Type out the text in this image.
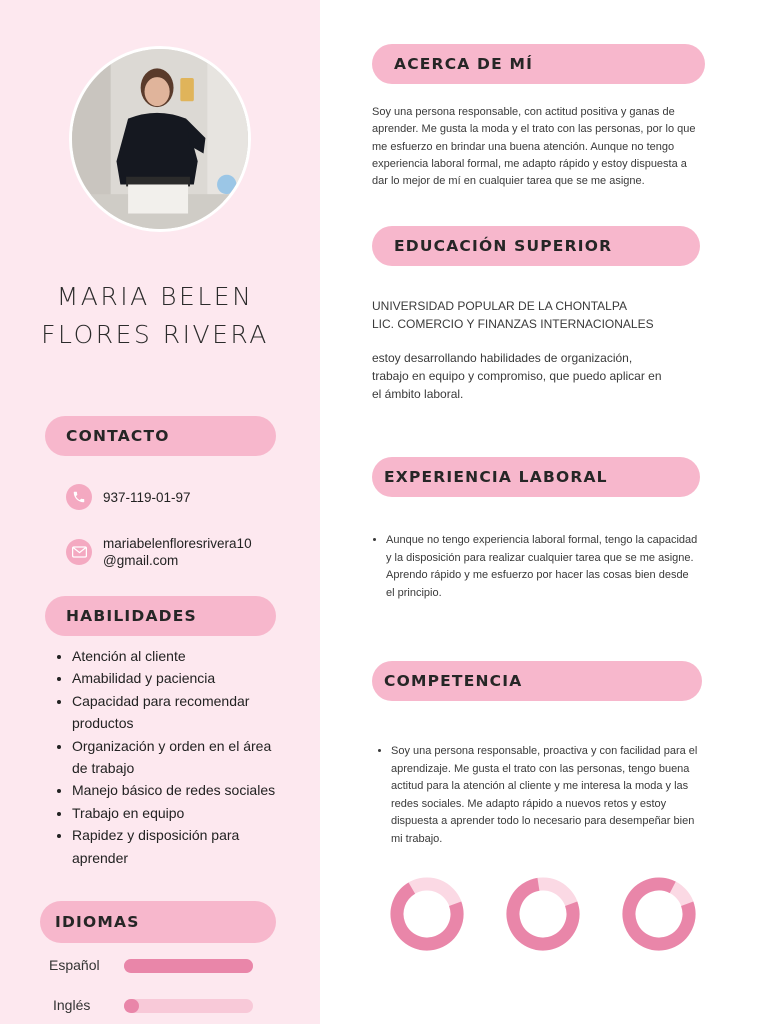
MARIA BELEN
FLORES RIVERA
CONTACTO
937-119-01-97
mariabelenfloresrivera10
@gmail.com
HABILIDADES
• Atención al cliente
• Amabilidad y paciencia
• Capacidad para recomendar productos
• Organización y orden en el área de trabajo
• Manejo básico de redes sociales
• Trabajo en equipo
• Rapidez y disposición para aprender
IDIOMAS
Español
Inglés
ACERCA DE MÍ

Soy una persona responsable, con actitud positiva y ganas de aprender. Me gusta la moda y el trato con las personas, por lo que me esfuerzo en brindar una buena atención. Aunque no tengo experiencia laboral formal, me adapto rápido y estoy dispuesta a dar lo mejor de mí en cualquier tarea que se me asigne.

EDUCACIÓN SUPERIOR
UNIVERSIDAD POPULAR DE LA CHONTALPA
LIC. COMERCIO Y FINANZAS INTERNACIONALES

estoy desarrollando habilidades de organización, trabajo en equipo y compromiso, que puedo aplicar en el ámbito laboral.

EXPERIENCIA LABORAL
• Aunque no tengo experiencia laboral formal, tengo la capacidad y la disposición para realizar cualquier tarea que se me asigne. Aprendo rápido y me esfuerzo por hacer las cosas bien desde el principio.
COMPETENCIA
• Soy una persona responsable, proactiva y con facilidad para el aprendizaje. Me gusta el trato con las personas, tengo buena actitud para la atención al cliente y me interesa la moda y las redes sociales. Me adapto rápido a nuevos retos y estoy dispuesta a aprender todo lo necesario para desempeñar bien mi trabajo.
